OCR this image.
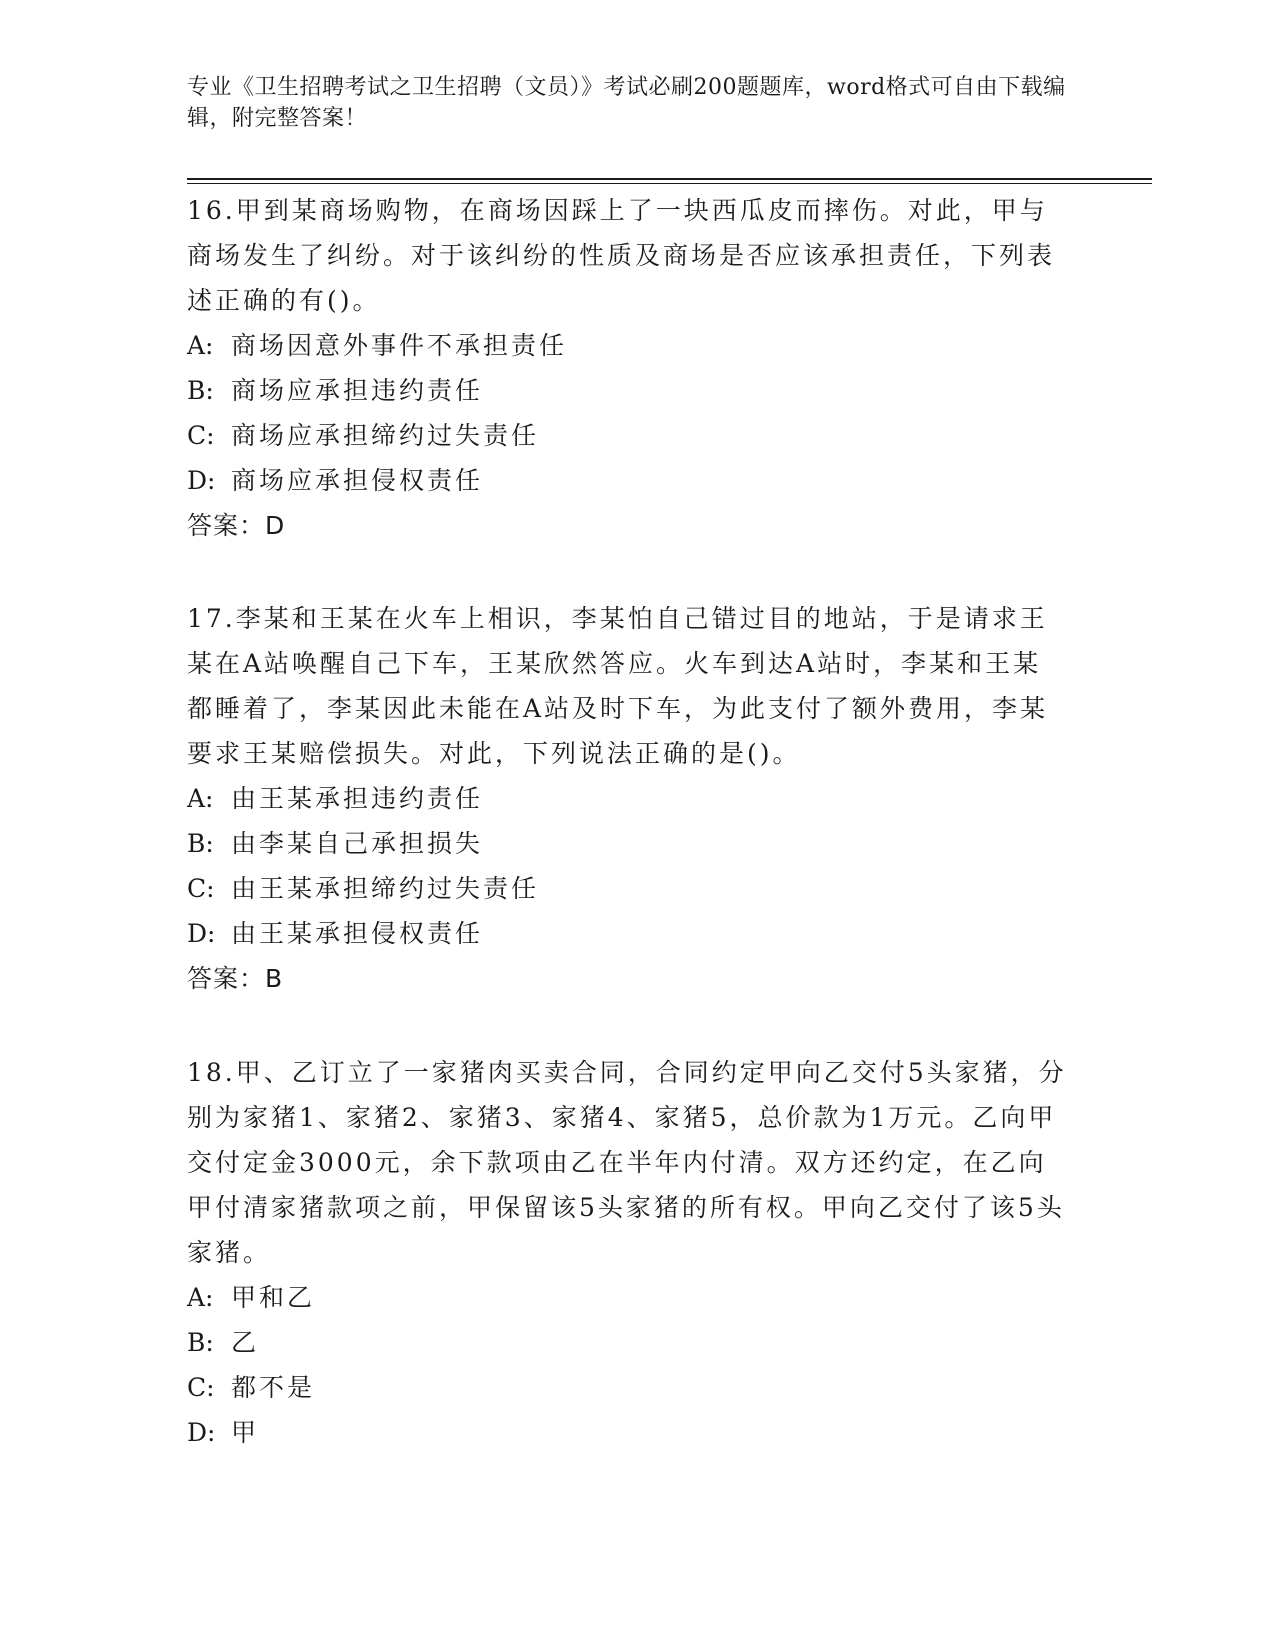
专业《卫生招聘考试之卫生招聘（文员）》考试必刷200题题库，word格式可自由下载编辑，附完整答案！

16.甲到某商场购物，在商场因踩上了一块西瓜皮而摔伤。对此，甲与商场发生了纠纷。对于该纠纷的性质及商场是否应该承担责任，下列表述正确的有()。

A: 商场因意外事件不承担责任

B: 商场应承担违约责任

C: 商场应承担缔约过失责任

D: 商场应承担侵权责任

答案：D

17.李某和王某在火车上相识，李某怕自己错过目的地站，于是请求王某在A站唤醒自己下车，王某欣然答应。火车到达A站时，李某和王某都睡着了，李某因此未能在A站及时下车，为此支付了额外费用，李某要求王某赔偿损失。对此，下列说法正确的是()。

A: 由王某承担违约责任

B: 由李某自己承担损失

C: 由王某承担缔约过失责任

D: 由王某承担侵权责任

答案：B

18.甲、乙订立了一家猪肉买卖合同，合同约定甲向乙交付5头家猪，分别为家猪1、家猪2、家猪3、家猪4、家猪5，总价款为1万元。乙向甲交付定金3000元，余下款项由乙在半年内付清。双方还约定，在乙向甲付清家猪款项之前，甲保留该5头家猪的所有权。甲向乙交付了该5头家猪。

A: 甲和乙

B: 乙

C: 都不是

D: 甲
